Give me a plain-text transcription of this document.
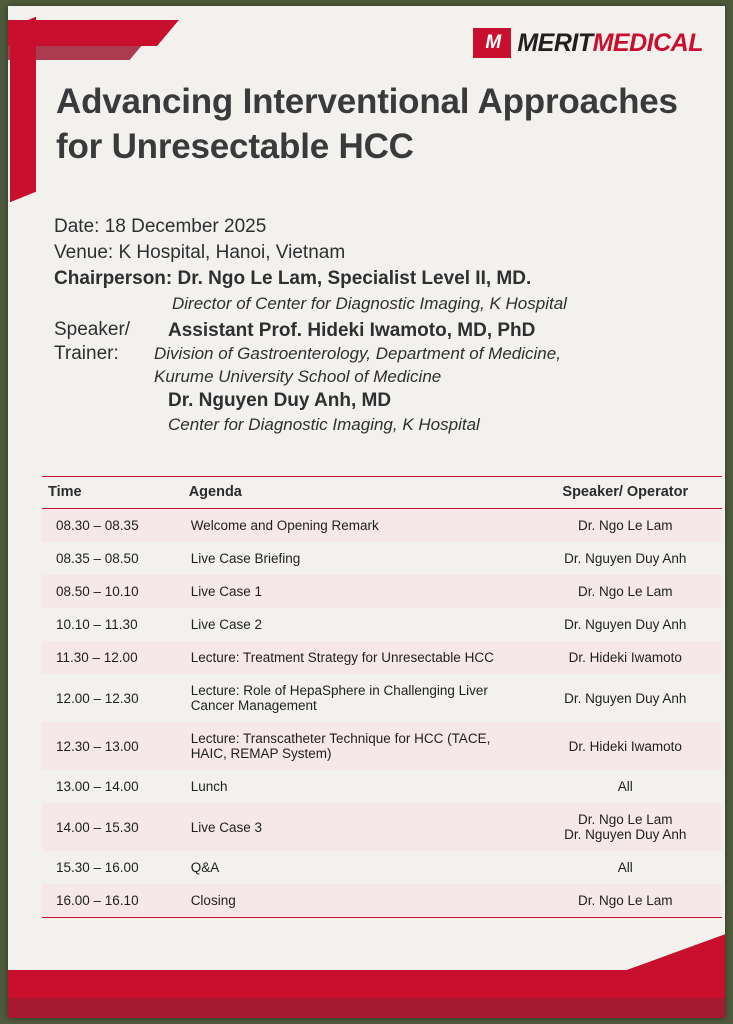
M MERITMEDICAL
Advancing Interventional Approaches for Unresectable HCC
Date: 18 December 2025
Venue: K Hospital, Hanoi, Vietnam
Chairperson: Dr. Ngo Le Lam, Specialist Level II, MD.
Director of Center for Diagnostic Imaging, K Hospital
Speaker/
Trainer:
Assistant Prof. Hideki Iwamoto, MD, PhD
Division of Gastroenterology, Department of Medicine,
Kurume University School of Medicine
Dr. Nguyen Duy Anh, MD
Center for Diagnostic Imaging, K Hospital
Time	Agenda	Speaker/ Operator
08.30 – 08.35	Welcome and Opening Remark	Dr. Ngo Le Lam
08.35 – 08.50	Live Case Briefing	Dr. Nguyen Duy Anh
08.50 – 10.10	Live Case 1	Dr. Ngo Le Lam
10.10 – 11.30	Live Case 2	Dr. Nguyen Duy Anh
11.30 – 12.00	Lecture: Treatment Strategy for Unresectable HCC	Dr. Hideki Iwamoto
12.00 – 12.30	Lecture: Role of HepaSphere in Challenging Liver Cancer Management	Dr. Nguyen Duy Anh
12.30 – 13.00	Lecture: Transcatheter Technique for HCC (TACE, HAIC, REMAP System)	Dr. Hideki Iwamoto
13.00 – 14.00	Lunch	All
14.00 – 15.30	Live Case 3	Dr. Ngo Le Lam
Dr. Nguyen Duy Anh
15.30 – 16.00	Q&A	All
16.00 – 16.10	Closing	Dr. Ngo Le Lam
